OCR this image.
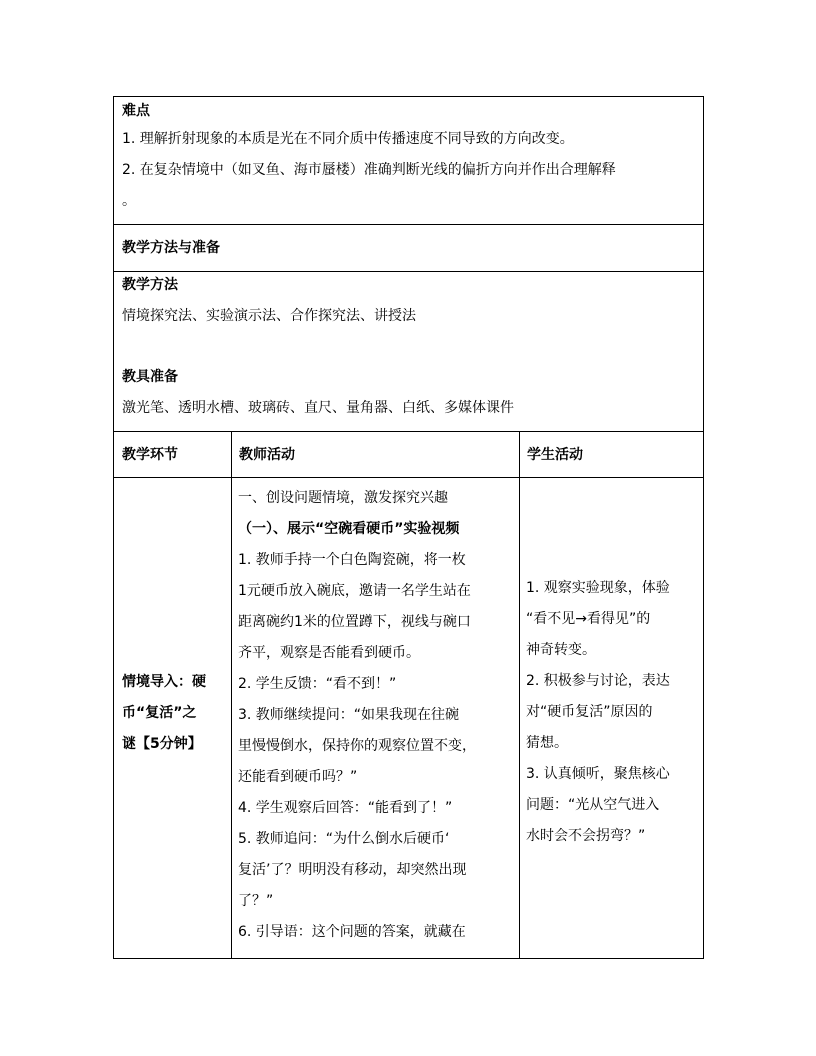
难点
1. 理解折射现象的本质是光在不同介质中传播速度不同导致的方向改变。
2. 在复杂情境中（如叉鱼、海市蜃楼）准确判断光线的偏折方向并作出合理解释
。
教学方法与准备
教学方法
情境探究法、实验演示法、合作探究法、讲授法
教具准备
激光笔、透明水槽、玻璃砖、直尺、量角器、白纸、多媒体课件
教学环节	教师活动	学生活动

情境导入：硬

币“复活”之

谜【5分钟】

一、创设问题情境，激发探究兴趣

（一）、展示“空碗看硬币”实验视频

1. 教师手持一个白色陶瓷碗，将一枚

1元硬币放入碗底，邀请一名学生站在

距离碗约1米的位置蹲下，视线与碗口

齐平，观察是否能看到硬币。

2. 学生反馈：“看不到！”

3. 教师继续提问：“如果我现在往碗

里慢慢倒水，保持你的观察位置不变，

还能看到硬币吗？”

4. 学生观察后回答：“能看到了！”

5. 教师追问：“为什么倒水后硬币‘

复活’了？明明没有移动，却突然出现

了？”

6. 引导语：这个问题的答案，就藏在

1. 观察实验现象，体验

“看不见→看得见”的

神奇转变。

2. 积极参与讨论，表达

对“硬币复活”原因的

猜想。

3. 认真倾听，聚焦核心

问题：“光从空气进入

水时会不会拐弯？”
